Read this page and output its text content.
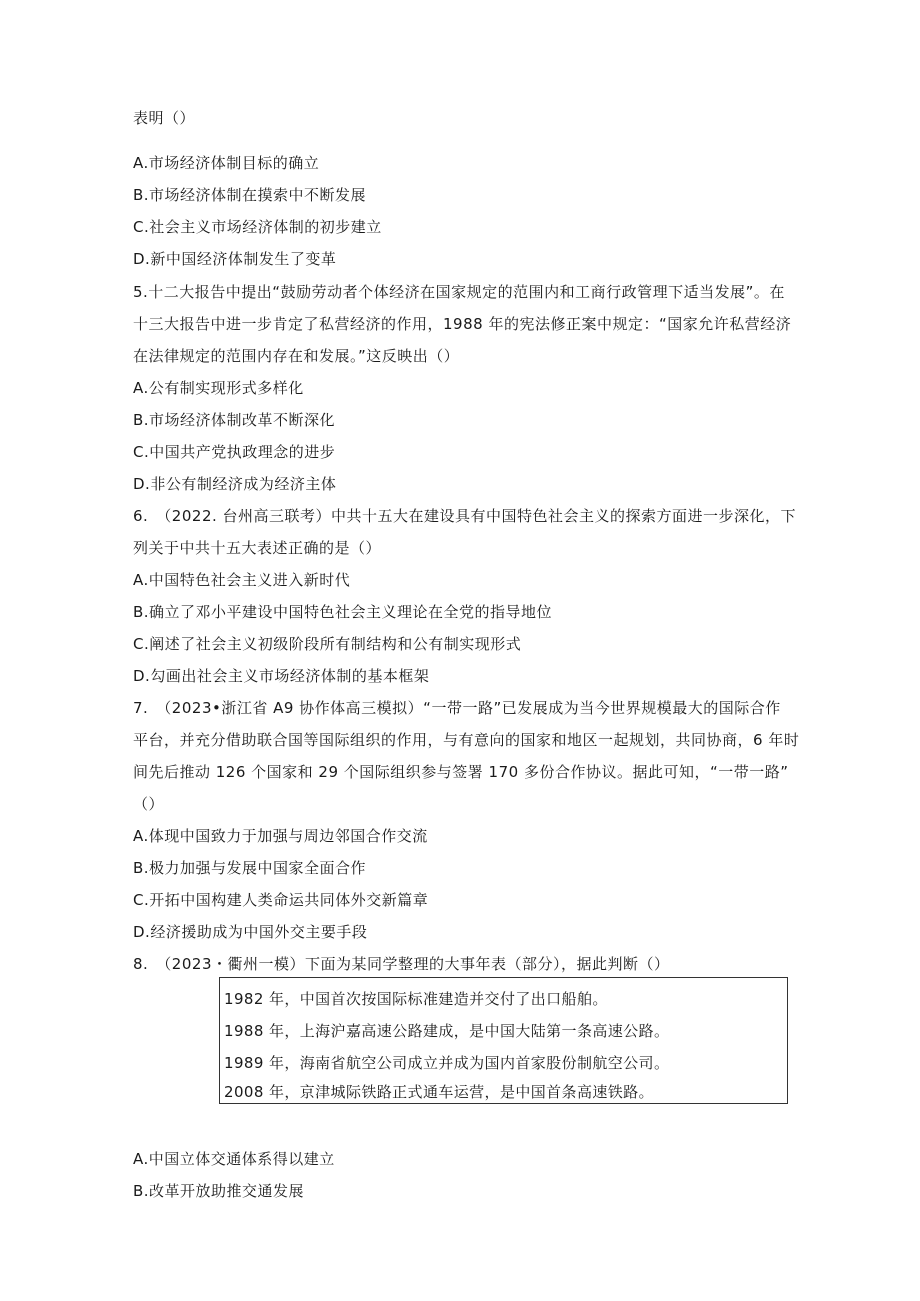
表明（）
A.市场经济体制目标的确立
B.市场经济体制在摸索中不断发展
C.社会主义市场经济体制的初步建立
D.新中国经济体制发生了变革
5.十二大报告中提出“鼓励劳动者个体经济在国家规定的范围内和工商行政管理下适当发展”。在
十三大报告中进一步肯定了私营经济的作用，1988 年的宪法修正案中规定：“国家允许私营经济
在法律规定的范围内存在和发展。”这反映出（）
A.公有制实现形式多样化
B.市场经济体制改革不断深化
C.中国共产党执政理念的进步
D.非公有制经济成为经济主体
6.　（2022. 台州高三联考）中共十五大在建设具有中国特色社会主义的探索方面进一步深化，下
列关于中共十五大表述正确的是（）
A.中国特色社会主义进入新时代
B.确立了邓小平建设中国特色社会主义理论在全党的指导地位
C.阐述了社会主义初级阶段所有制结构和公有制实现形式
D.勾画出社会主义市场经济体制的基本框架
7.　（2023•浙江省 A9 协作体高三模拟）“一带一路”已发展成为当今世界规模最大的国际合作
平台，并充分借助联合国等国际组织的作用，与有意向的国家和地区一起规划，共同协商，6 年时
间先后推动 126 个国家和 29 个国际组织参与签署 170 多份合作协议。据此可知，“一带一路”
（）
A.体现中国致力于加强与周边邻国合作交流
B.极力加强与发展中国家全面合作
C.开拓中国构建人类命运共同体外交新篇章
D.经济援助成为中国外交主要手段
8.　（2023・衢州一模）下面为某同学整理的大事年表（部分），据此判断（）
1982 年，中国首次按国际标准建造并交付了出口船舶。
1988 年，上海沪嘉高速公路建成，是中国大陆第一条高速公路。
1989 年，海南省航空公司成立并成为国内首家股份制航空公司。
2008 年，京津城际铁路正式通车运营，是中国首条高速铁路。
A.中国立体交通体系得以建立
B.改革开放助推交通发展
